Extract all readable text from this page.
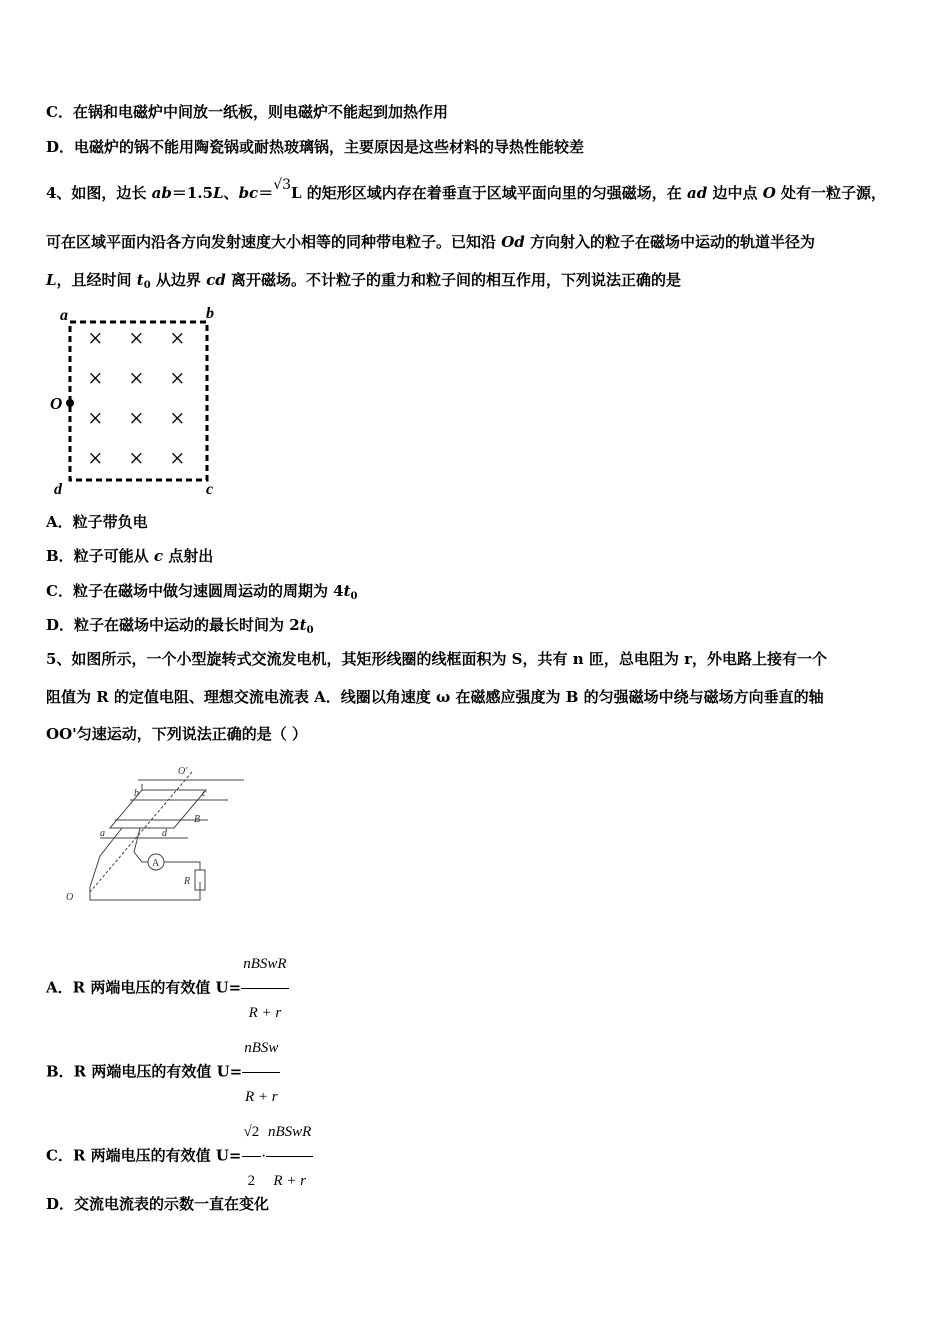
C．在锅和电磁炉中间放一纸板，则电磁炉不能起到加热作用
D．电磁炉的锅不能用陶瓷锅或耐热玻璃锅，主要原因是这些材料的导热性能较差
4、如图，边长 ab＝1.5L、bc＝√3L 的矩形区域内存在着垂直于区域平面向里的匀强磁场，在 ad 边中点 O 处有一粒子源，
可在区域平面内沿各方向发射速度大小相等的同种带电粒子。已知沿 Od 方向射入的粒子在磁场中运动的轨道半径为
L，且经时间 $t_0$ 从边界 cd 离开磁场。不计粒子的重力和粒子间的相互作用，下列说法正确的是
a	b
c
d
O
× × ×
× × ×
× × ×
× × ×
A．粒子带负电
B．粒子可能从 c 点射出
C．粒子在磁场中做匀速圆周运动的周期为 $4t_0$
D．粒子在磁场中运动的最长时间为 $2t_0$
5、如图所示，一个小型旋转式交流发电机，其矩形线圈的线框面积为 S，共有 n 匝，总电阻为 r，外电路上接有一个
阻值为 R 的定值电阻、理想交流电流表 A．线圈以角速度 ω 在磁感应强度为 B 的匀强磁场中绕与磁场方向垂直的轴
OO'匀速运动，下列说法正确的是（ ）
O'
b	c
B
a	d
A
R
O
A．R 两端电压的有效值 $U= \frac{\text{nBSwR}}{R + r}$
B．R 两端电压的有效值 $U= \frac{\text{nBSw}}{R + r}$
C．R 两端电压的有效值 $U= \frac{√2}{2} \cdot \frac{\text{nBSwR}}{R + r}$
D．交流电流表的示数一直在变化
